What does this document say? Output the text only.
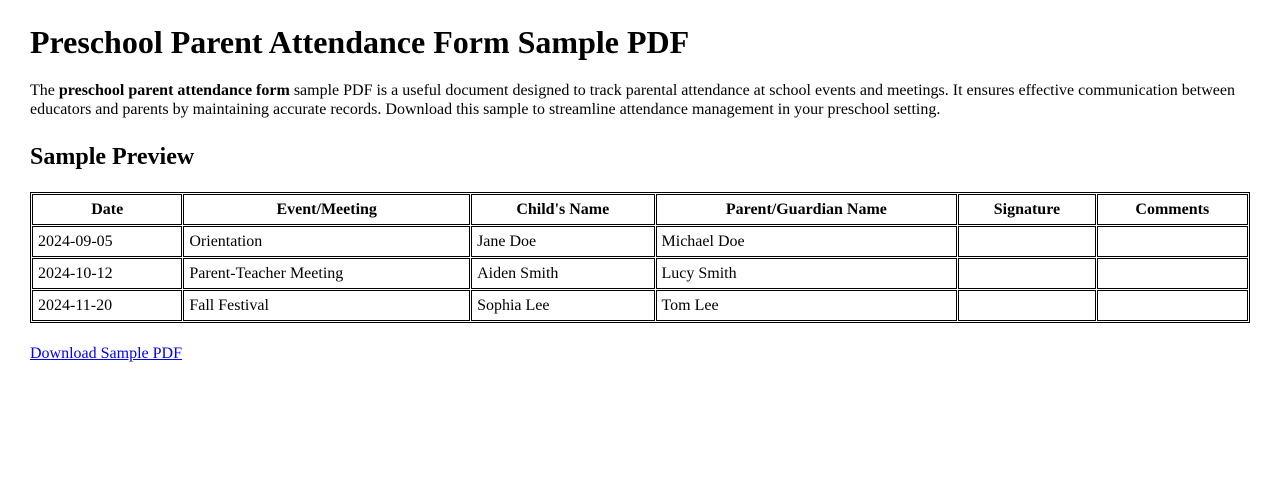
Preschool Parent Attendance Form Sample PDF

The preschool parent attendance form sample PDF is a useful document designed to track parental attendance at school events and meetings. It ensures effective communication between educators and parents by maintaining accurate records. Download this sample to streamline attendance management in your preschool setting.

Sample Preview
Date	Event/Meeting	Child's Name	Parent/Guardian Name	Signature	Comments
2024-09-05	Orientation	Jane Doe	Michael Doe		
2024-10-12	Parent-Teacher Meeting	Aiden Smith	Lucy Smith		
2024-11-20	Fall Festival	Sophia Lee	Tom Lee		

Download Sample PDF
